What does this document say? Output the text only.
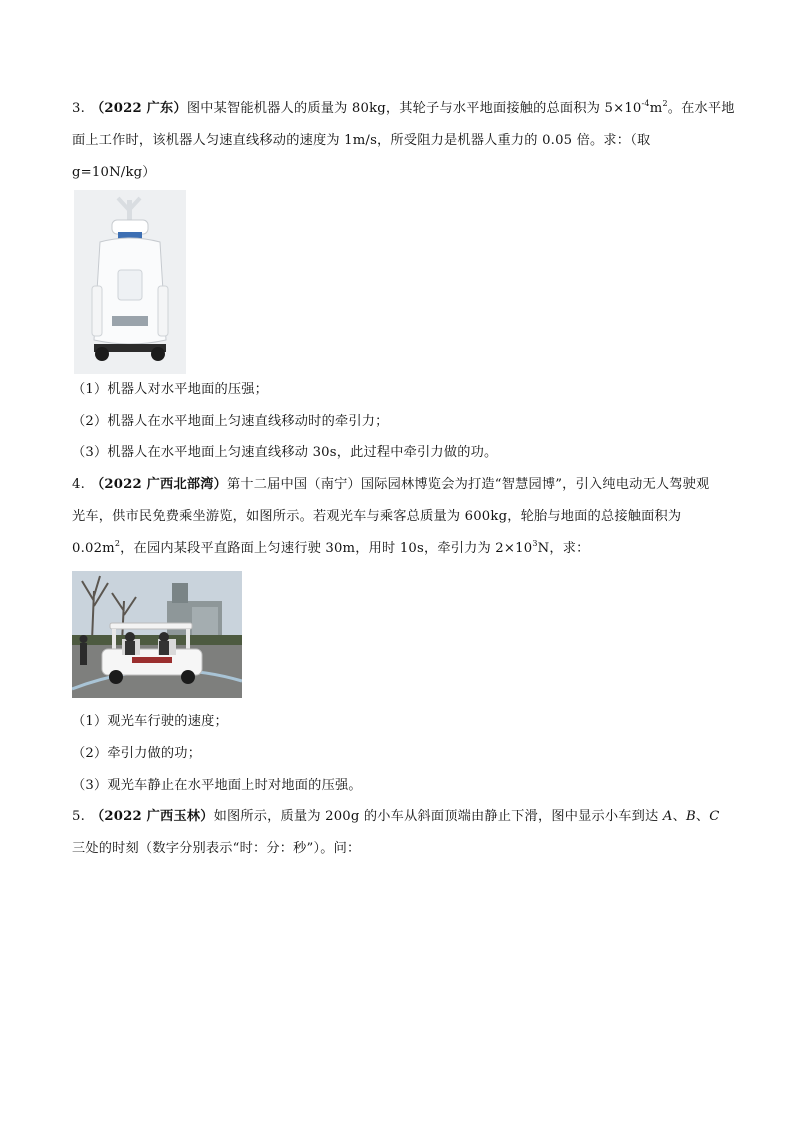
3. （2022 广东）图中某智能机器人的质量为 80kg，其轮子与水平地面接触的总面积为 $5\times 10^{-4}m^2$。在水平地
面上工作时，该机器人匀速直线移动的速度为 1m/s，所受阻力是机器人重力的 0.05 倍。求：（取
g=10N/kg）
（1）机器人对水平地面的压强；
（2）机器人在水平地面上匀速直线移动时的牵引力；
（3）机器人在水平地面上匀速直线移动 30s，此过程中牵引力做的功。
4. （2022 广西北部湾）第十二届中国（南宁）国际园林博览会为打造“智慧园博”，引入纯电动无人驾驶观
光车，供市民免费乘坐游览，如图所示。若观光车与乘客总质量为 600kg，轮胎与地面的总接触面积为
$0.02m^2$，在园内某段平直路面上匀速行驶 30m，用时 10s，牵引力为 $2\times 10^3N$，求：
（1）观光车行驶的速度；
（2）牵引力做的功；
（3）观光车静止在水平地面上时对地面的压强。
5. （2022 广西玉林）如图所示，质量为 200g 的小车从斜面顶端由静止下滑，图中显示小车到达 A、B、C
三处的时刻（数字分别表示“时：分：秒”）。问：
